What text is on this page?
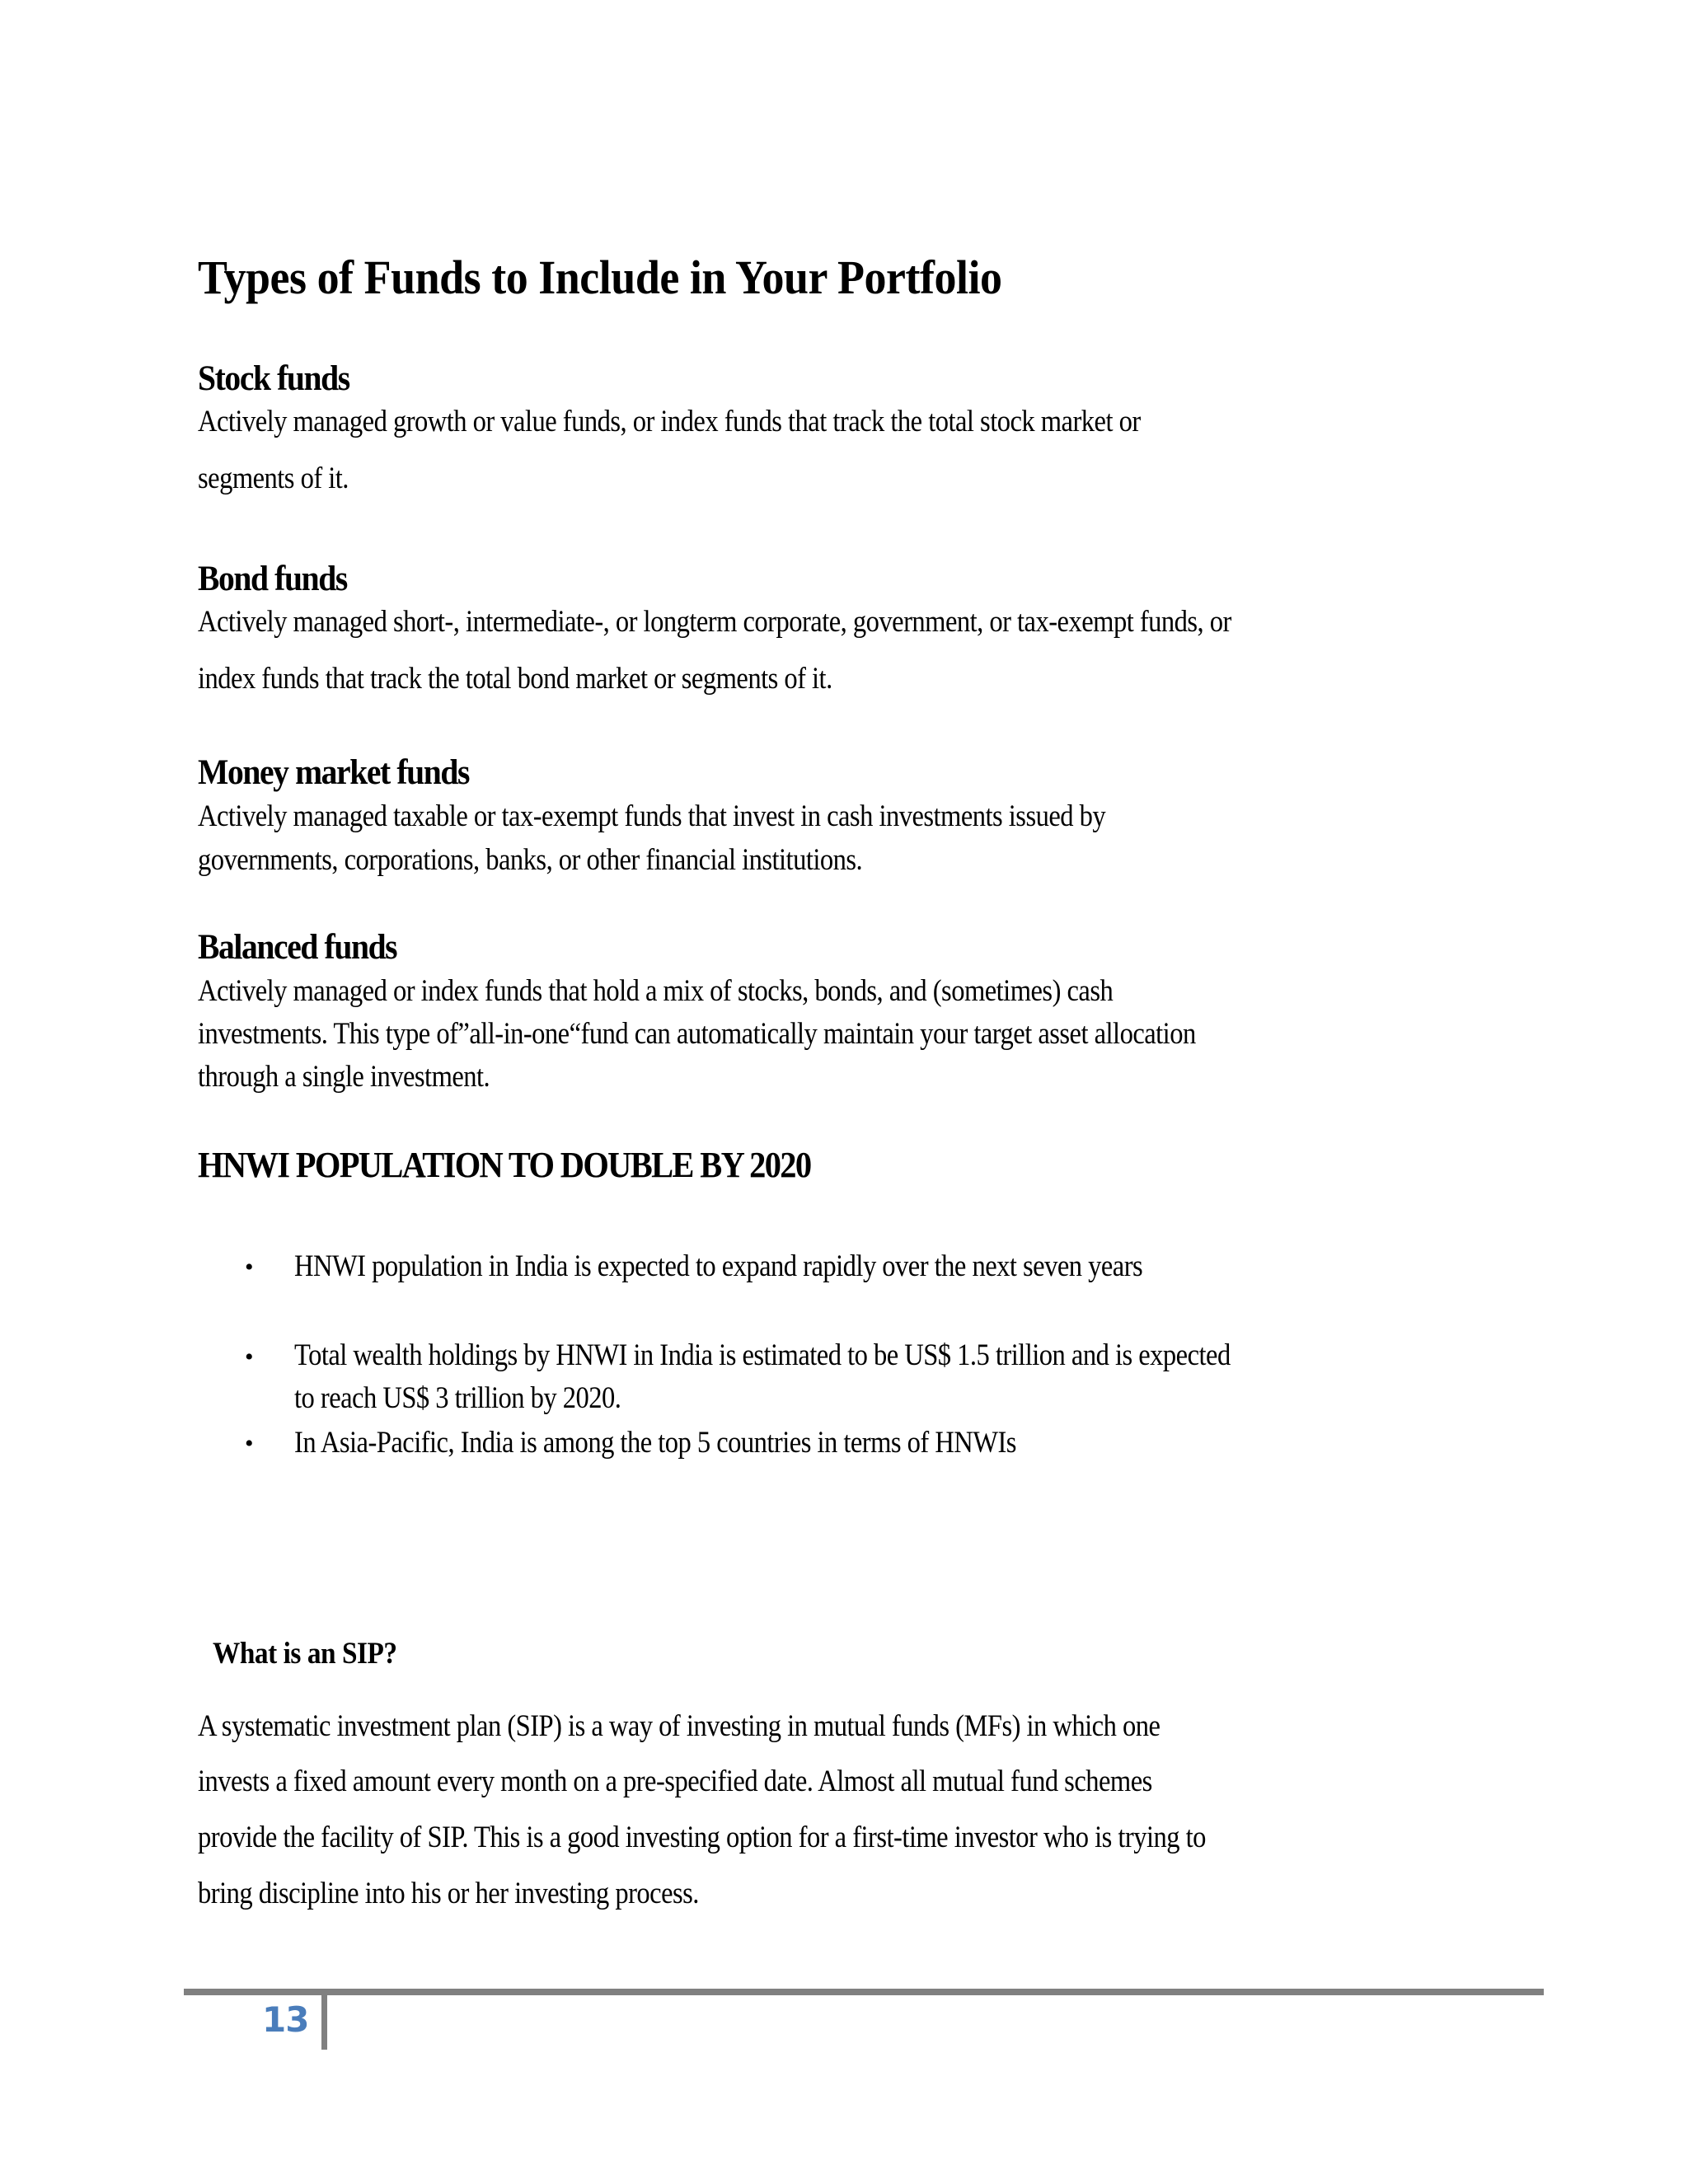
Types of Funds to Include in Your Portfolio
Stock funds
Actively managed growth or value funds, or index funds that track the total stock market or
segments of it.
Bond funds
Actively managed short-, intermediate-, or longterm corporate, government, or tax-exempt funds, or
index funds that track the total bond market or segments of it.
Money market funds
Actively managed taxable or tax-exempt funds that invest in cash investments issued by
governments, corporations, banks, or other financial institutions.
Balanced funds
Actively managed or index funds that hold a mix of stocks, bonds, and (sometimes) cash
investments. This type of”all-in-one“fund can automatically maintain your target asset allocation
through a single investment.
HNWI POPULATION TO DOUBLE BY 2020
• HNWI population in India is expected to expand rapidly over the next seven years
• Total wealth holdings by HNWI in India is estimated to be US$ 1.5 trillion and is expected
to reach US$ 3 trillion by 2020.
• In Asia-Pacific, India is among the top 5 countries in terms of HNWIs
What is an SIP?
A systematic investment plan (SIP) is a way of investing in mutual funds (MFs) in which one
invests a fixed amount every month on a pre-specified date. Almost all mutual fund schemes
provide the facility of SIP. This is a good investing option for a first-time investor who is trying to
bring discipline into his or her investing process.
13
